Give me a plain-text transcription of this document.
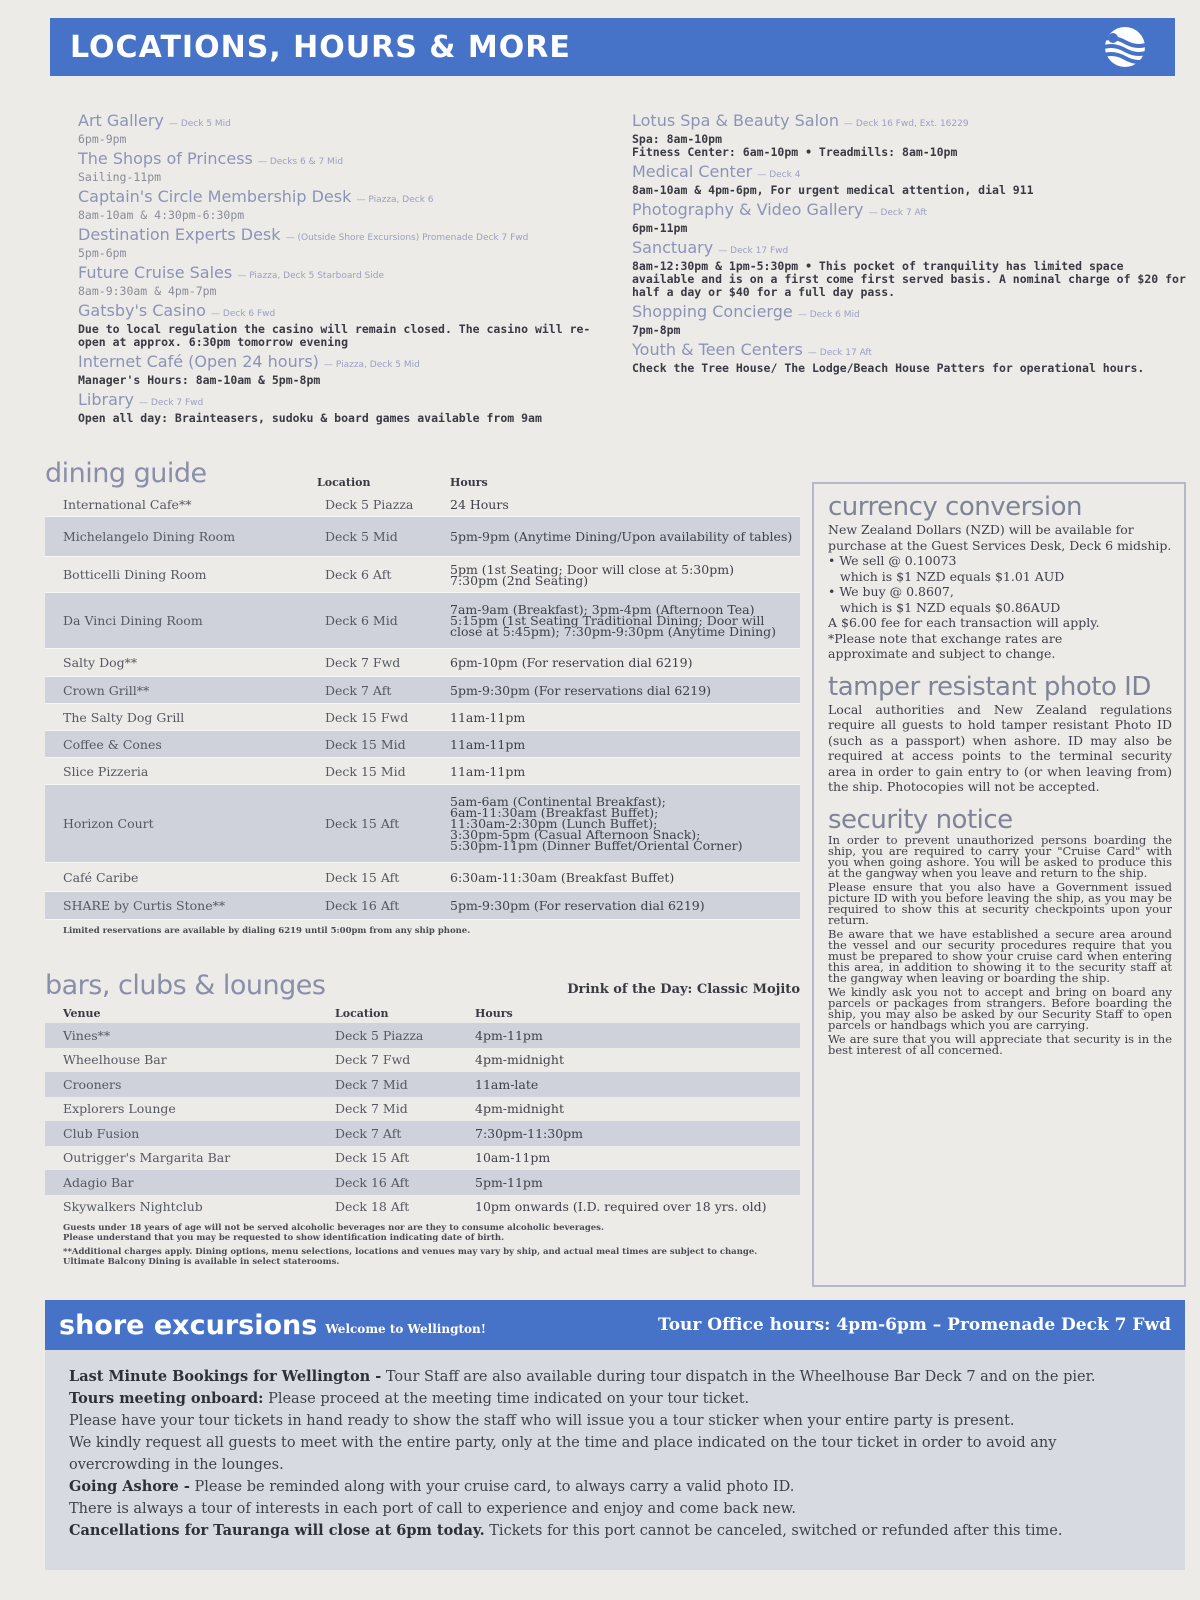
LOCATIONS, HOURS & MORE
Art Gallery — Deck 5 Mid
6pm-9pm
The Shops of Princess — Decks 6 & 7 Mid
Sailing-11pm
Captain's Circle Membership Desk — Piazza, Deck 6
8am-10am & 4:30pm-6:30pm
Destination Experts Desk — (Outside Shore Excursions) Promenade Deck 7 Fwd
5pm-6pm
Future Cruise Sales — Piazza, Deck 5 Starboard Side
8am-9:30am & 4pm-7pm
Gatsby's Casino — Deck 6 Fwd
Due to local regulation the casino will remain closed. The casino will re-open at approx. 6:30pm tomorrow evening
Internet Café (Open 24 hours) — Piazza, Deck 5 Mid
Manager's Hours: 8am-10am & 5pm-8pm
Library — Deck 7 Fwd
Open all day: Brainteasers, sudoku & board games available from 9am
Lotus Spa & Beauty Salon — Deck 16 Fwd, Ext. 16229
Spa: 8am-10pm
Fitness Center: 6am-10pm • Treadmills: 8am-10pm
Medical Center — Deck 4
8am-10am & 4pm-6pm, For urgent medical attention, dial 911
Photography & Video Gallery — Deck 7 Aft
6pm-11pm
Sanctuary — Deck 17 Fwd
8am-12:30pm & 1pm-5:30pm • This pocket of tranquility has limited space available and is on a first come first served basis. A nominal charge of $20 for half a day or $40 for a full day pass.
Shopping Concierge — Deck 6 Mid
7pm-8pm
Youth & Teen Centers — Deck 17 Aft
Check the Tree House/ The Lodge/Beach House Patters for operational hours.
dining guide	Location	Hours
International Cafe**	Deck 5 Piazza	24 Hours
Michelangelo Dining Room	Deck 5 Mid	5pm-9pm (Anytime Dining/Upon availability of tables)
Botticelli Dining Room	Deck 6 Aft	5pm (1st Seating; Door will close at 5:30pm)
7:30pm (2nd Seating)
Da Vinci Dining Room	Deck 6 Mid
7am-9am (Breakfast); 3pm-4pm (Afternoon Tea)
5:15pm (1st Seating Traditional Dining; Door will close at 5:45pm); 7:30pm-9:30pm (Anytime Dining)
Salty Dog**	Deck 7 Fwd	6pm-10pm (For reservation dial 6219)
Crown Grill**	Deck 7 Aft	5pm-9:30pm (For reservations dial 6219)
The Salty Dog Grill	Deck 15 Fwd	11am-11pm
Coffee & Cones	Deck 15 Mid	11am-11pm
Slice Pizzeria	Deck 15 Mid	11am-11pm
Horizon Court	Deck 15 Aft
5am-6am (Continental Breakfast);
6am-11:30am (Breakfast Buffet);
11:30am-2:30pm (Lunch Buffet);
3:30pm-5pm (Casual Afternoon Snack);
5:30pm-11pm (Dinner Buffet/Oriental Corner)
Café Caribe	Deck 15 Aft	6:30am-11:30am (Breakfast Buffet)
SHARE by Curtis Stone**	Deck 16 Aft	5pm-9:30pm (For reservation dial 6219)
Limited reservations are available by dialing 6219 until 5:00pm from any ship phone.
bars, clubs & lounges	Drink of the Day: Classic Mojito
Venue	Location	Hours
Vines**	Deck 5 Piazza	4pm-11pm
Wheelhouse Bar	Deck 7 Fwd	4pm-midnight
Crooners	Deck 7 Mid	11am-late
Explorers Lounge	Deck 7 Mid	4pm-midnight
Club Fusion	Deck 7 Aft	7:30pm-11:30pm
Outrigger's Margarita Bar	Deck 15 Aft	10am-11pm
Adagio Bar	Deck 16 Aft	5pm-11pm
Skywalkers Nightclub	Deck 18 Aft	10pm onwards (I.D. required over 18 yrs. old)
Guests under 18 years of age will not be served alcoholic beverages nor are they to consume alcoholic beverages.
Please understand that you may be requested to show identification indicating date of birth.
**Additional charges apply. Dining options, menu selections, locations and venues may vary by ship, and actual meal times are subject to change. Ultimate Balcony Dining is available in select staterooms.
currency conversion
New Zealand Dollars (NZD) will be available for purchase at the Guest Services Desk, Deck 6 midship.
• We sell @ 0.10073
which is $1 NZD equals $1.01 AUD
• We buy @ 0.8607,
which is $1 NZD equals $0.86AUD
A $6.00 fee for each transaction will apply.
*Please note that exchange rates are approximate and subject to change.
tamper resistant photo ID
Local authorities and New Zealand regulations require all guests to hold tamper resistant Photo ID (such as a passport) when ashore. ID may also be required at access points to the terminal security area in order to gain entry to (or when leaving from) the ship. Photocopies will not be accepted.
security notice
In order to prevent unauthorized persons boarding the ship, you are required to carry your "Cruise Card" with you when going ashore. You will be asked to produce this at the gangway when you leave and return to the ship.
Please ensure that you also have a Government issued picture ID with you before leaving the ship, as you may be required to show this at security checkpoints upon your return.
Be aware that we have established a secure area around the vessel and our security procedures require that you must be prepared to show your cruise card when entering this area, in addition to showing it to the security staff at the gangway when leaving or boarding the ship.
We kindly ask you not to accept and bring on board any parcels or packages from strangers. Before boarding the ship, you may also be asked by our Security Staff to open parcels or handbags which you are carrying.
We are sure that you will appreciate that security is in the best interest of all concerned.
shore excursions Welcome to Wellington!	Tour Office hours: 4pm-6pm – Promenade Deck 7 Fwd
Last Minute Bookings for Wellington - Tour Staff are also available during tour dispatch in the Wheelhouse Bar Deck 7 and on the pier.
Tours meeting onboard: Please proceed at the meeting time indicated on your tour ticket.
Please have your tour tickets in hand ready to show the staff who will issue you a tour sticker when your entire party is present.
We kindly request all guests to meet with the entire party, only at the time and place indicated on the tour ticket in order to avoid any
overcrowding in the lounges.
Going Ashore - Please be reminded along with your cruise card, to always carry a valid photo ID.
There is always a tour of interests in each port of call to experience and enjoy and come back new.
Cancellations for Tauranga will close at 6pm today. Tickets for this port cannot be canceled, switched or refunded after this time.
